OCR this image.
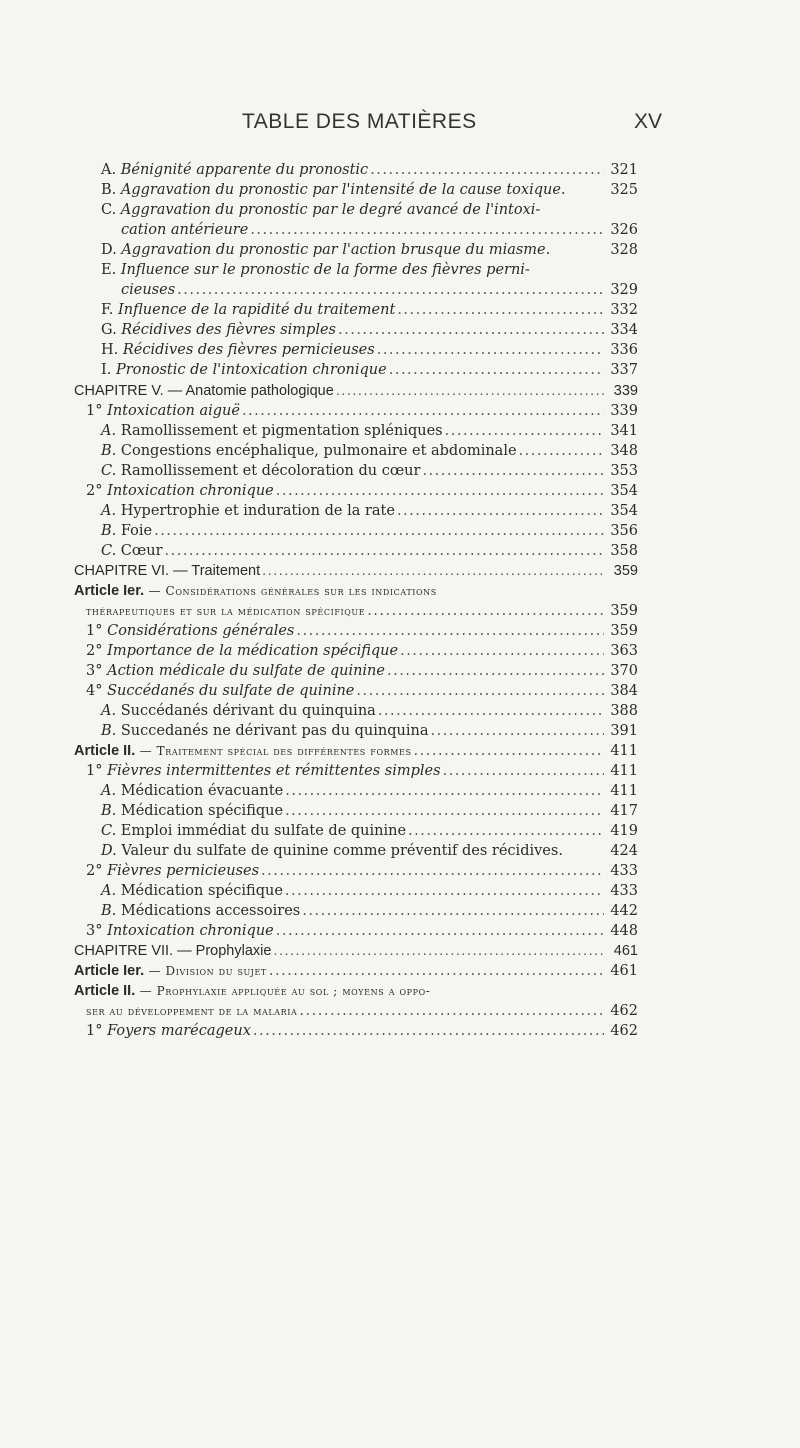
TABLE DES MATIÈRES	XV
A. Bénignité apparente du pronostic .....	321
B. Aggravation du pronostic par l'intensité de la cause toxique.	325
C. Aggravation du pronostic par le degré avancé de l'intoxi-
cation antérieure .....	326
D. Aggravation du pronostic par l'action brusque du miasme.	328
E. Influence sur le pronostic de la forme des fièvres perni-
cieuses .....	329
F. Influence de la rapidité du traitement .....	332
G. Récidives des fièvres simples .....	334
H. Récidives des fièvres pernicieuses .....	336
I. Pronostic de l'intoxication chronique .....	337
CHAPITRE V. — Anatomie pathologique .....	339
1° Intoxication aiguë .....	339
A. Ramollissement et pigmentation spléniques .....	341
B. Congestions encéphalique, pulmonaire et abdominale .....	348
C. Ramollissement et décoloration du cœur .....	353
2° Intoxication chronique .....	354
A. Hypertrophie et induration de la rate .....	354
B. Foie .....	356
C. Cœur .....	358
CHAPITRE VI. — Traitement .....	359
Article Ier. — Considérations générales sur les indications
thérapeutiques et sur la médication spécifique .....	359
1° Considérations générales .....	359
2° Importance de la médication spécifique .....	363
3° Action médicale du sulfate de quinine .....	370
4° Succédanés du sulfate de quinine .....	384
A. Succédanés dérivant du quinquina .....	388
B. Succedanés ne dérivant pas du quinquina .....	391
Article II. — Traitement spécial des différentes formes .....	411
1° Fièvres intermittentes et rémittentes simples .....	411
A. Médication évacuante .....	411
B. Médication spécifique .....	417
C. Emploi immédiat du sulfate de quinine .....	419
D. Valeur du sulfate de quinine comme préventif des récidives.	424
2° Fièvres pernicieuses .....	433
A. Médication spécifique .....	433
B. Médications accessoires .....	442
3° Intoxication chronique .....	448
CHAPITRE VII. — Prophylaxie .....	461
Article Ier. — Division du sujet .....	461
Article II. — Prophylaxie appliquée au sol ; moyens a oppo-
ser au développement de la malaria .....	462
1° Foyers marécageux .....	462
